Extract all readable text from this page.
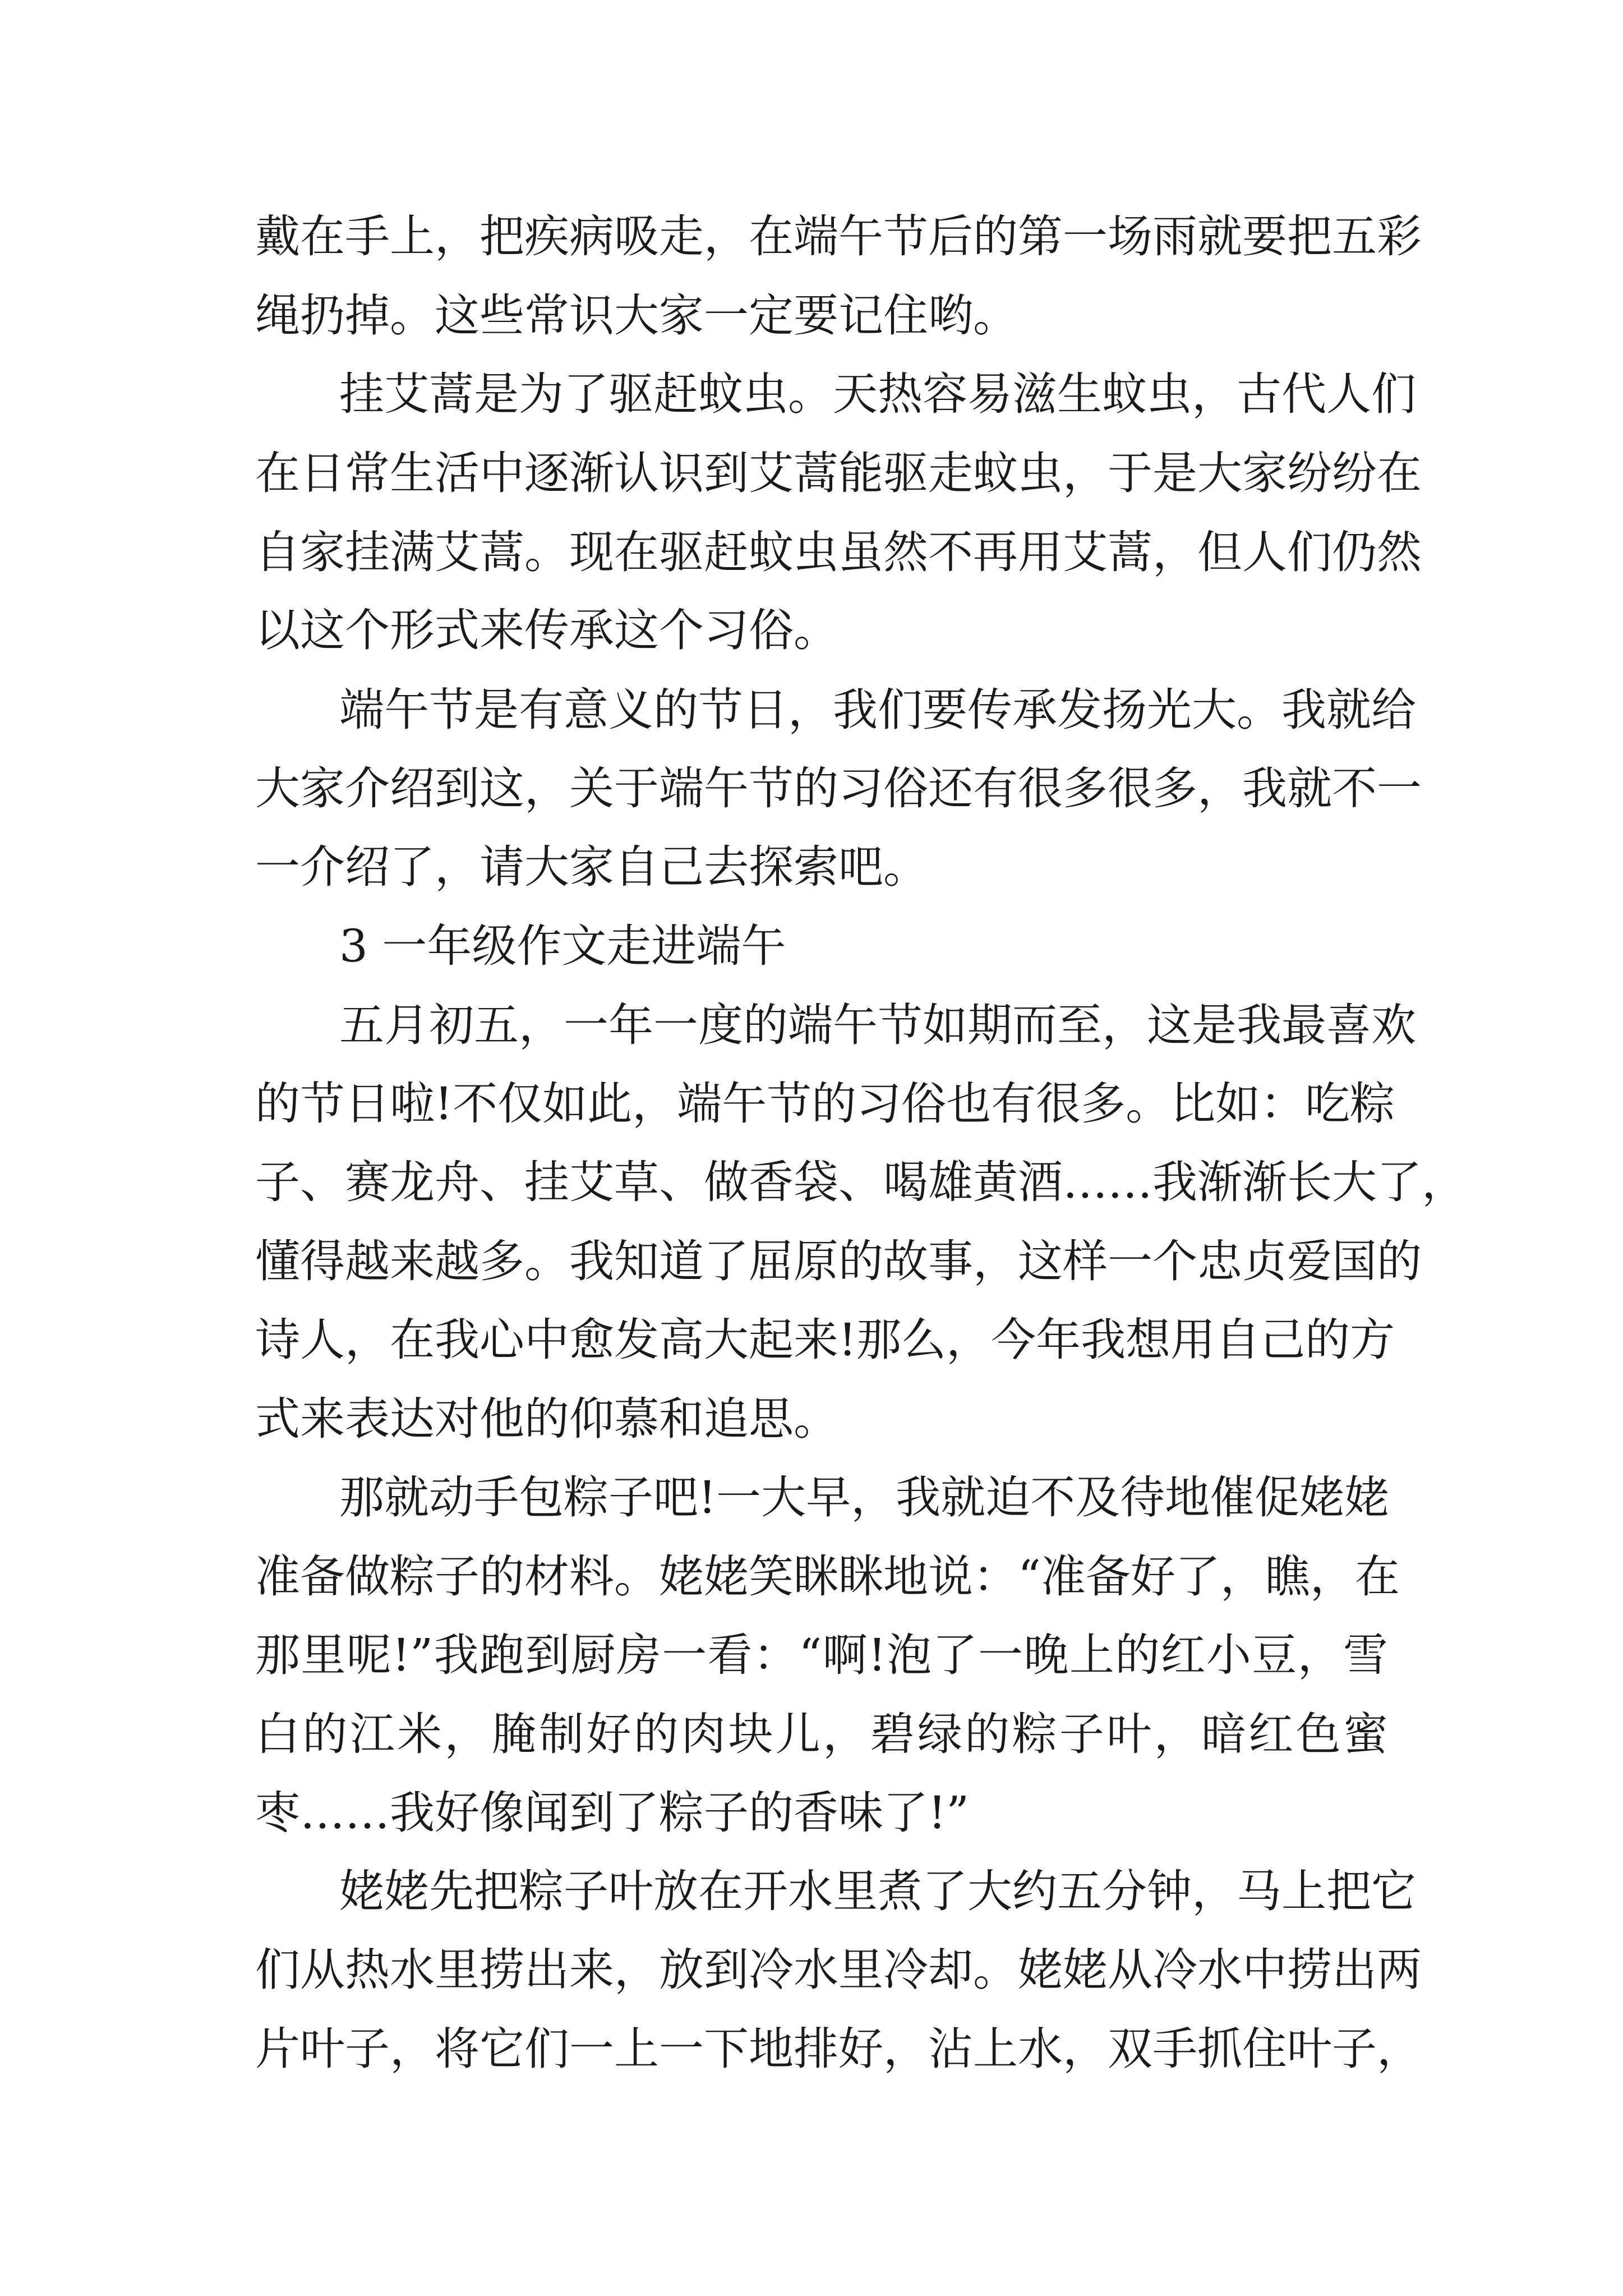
戴在手上，把疾病吸走，在端午节后的第一场雨就要把五彩
绳扔掉。这些常识大家一定要记住哟。
挂艾蒿是为了驱赶蚊虫。天热容易滋生蚊虫，古代人们
在日常生活中逐渐认识到艾蒿能驱走蚊虫，于是大家纷纷在
自家挂满艾蒿。现在驱赶蚊虫虽然不再用艾蒿，但人们仍然
以这个形式来传承这个习俗。
端午节是有意义的节日，我们要传承发扬光大。我就给
大家介绍到这，关于端午节的习俗还有很多很多，我就不一
一介绍了，请大家自己去探索吧。
3 一年级作文走进端午
五月初五，一年一度的端午节如期而至，这是我最喜欢
的节日啦!不仅如此，端午节的习俗也有很多。比如：吃粽
子、赛龙舟、挂艾草、做香袋、喝雄黄酒……我渐渐长大了，
懂得越来越多。我知道了屈原的故事，这样一个忠贞爱国的
诗人，在我心中愈发高大起来!那么，今年我想用自己的方
式来表达对他的仰慕和追思。
那就动手包粽子吧!一大早，我就迫不及待地催促姥姥
准备做粽子的材料。姥姥笑眯眯地说：“准备好了，瞧，在
那里呢!”我跑到厨房一看：“啊!泡了一晚上的红小豆，雪
白的江米，腌制好的肉块儿，碧绿的粽子叶，暗红色蜜
枣……我好像闻到了粽子的香味了!”
姥姥先把粽子叶放在开水里煮了大约五分钟，马上把它
们从热水里捞出来，放到冷水里冷却。姥姥从冷水中捞出两
片叶子，将它们一上一下地排好，沾上水，双手抓住叶子，
